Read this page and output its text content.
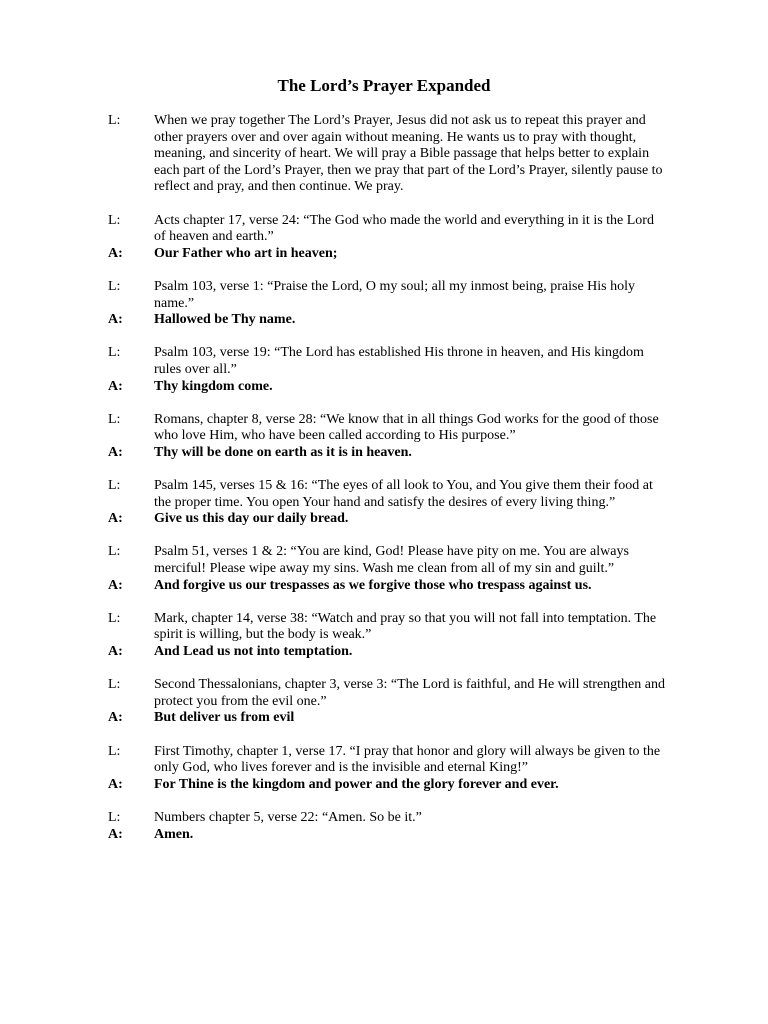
The Lord’s Prayer Expanded
L:	When we pray together The Lord’s Prayer, Jesus did not ask us to repeat this prayer and other prayers over and over again without meaning. He wants us to pray with thought, meaning, and sincerity of heart. We will pray a Bible passage that helps better to explain each part of the Lord’s Prayer, then we pray that part of the Lord’s Prayer, silently pause to reflect and pray, and then continue. We pray.
L:	Acts chapter 17, verse 24: “The God who made the world and everything in it is the Lord of heaven and earth.”
A:	Our Father who art in heaven;
L:	Psalm 103, verse 1: “Praise the Lord, O my soul; all my inmost being, praise His holy name.”
A:	Hallowed be Thy name.
L:	Psalm 103, verse 19: “The Lord has established His throne in heaven, and His kingdom rules over all.”
A:	Thy kingdom come.
L:	Romans, chapter 8, verse 28: “We know that in all things God works for the good of those who love Him, who have been called according to His purpose.”
A:	Thy will be done on earth as it is in heaven.
L:	Psalm 145, verses 15 & 16: “The eyes of all look to You, and You give them their food at the proper time. You open Your hand and satisfy the desires of every living thing.”
A:	Give us this day our daily bread.
L:	Psalm 51, verses 1 & 2: “You are kind, God! Please have pity on me. You are always merciful! Please wipe away my sins. Wash me clean from all of my sin and guilt.”
A:	And forgive us our trespasses as we forgive those who trespass against us.
L:	Mark, chapter 14, verse 38: “Watch and pray so that you will not fall into temptation. The spirit is willing, but the body is weak.”
A:	And Lead us not into temptation.
L:	Second Thessalonians, chapter 3, verse 3: “The Lord is faithful, and He will strengthen and protect you from the evil one.”
A:	But deliver us from evil
L:	First Timothy, chapter 1, verse 17. “I pray that honor and glory will always be given to the only God, who lives forever and is the invisible and eternal King!”
A:	For Thine is the kingdom and power and the glory forever and ever.
L:	Numbers chapter 5, verse 22: “Amen. So be it.”
A:	Amen.
